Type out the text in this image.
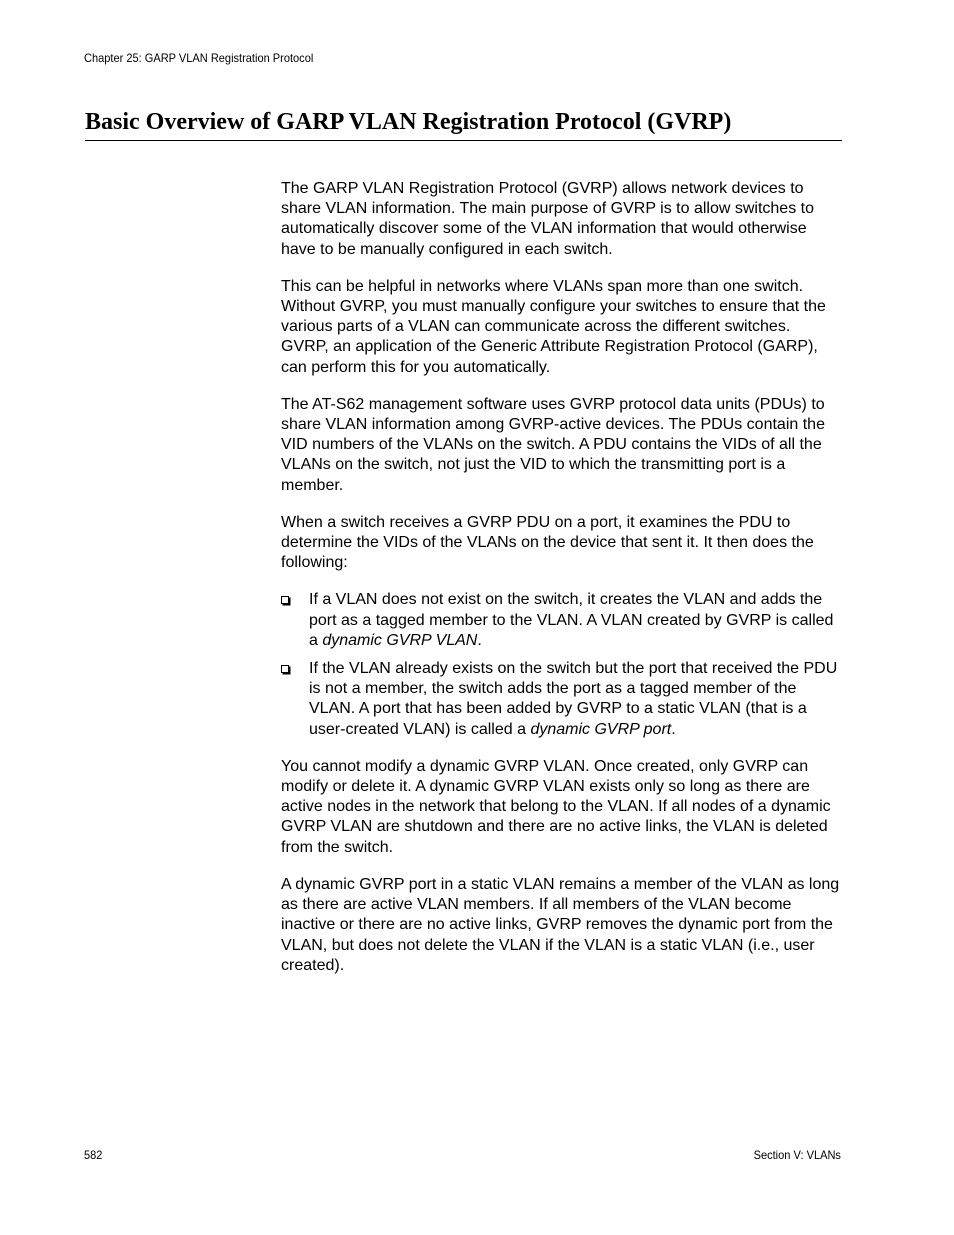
Chapter 25: GARP VLAN Registration Protocol
Basic Overview of GARP VLAN Registration Protocol (GVRP)

The GARP VLAN Registration Protocol (GVRP) allows network devices to share VLAN information. The main purpose of GVRP is to allow switches to automatically discover some of the VLAN information that would otherwise have to be manually configured in each switch.

This can be helpful in networks where VLANs span more than one switch. Without GVRP, you must manually configure your switches to ensure that the various parts of a VLAN can communicate across the different switches. GVRP, an application of the Generic Attribute Registration Protocol (GARP), can perform this for you automatically.

The AT-S62 management software uses GVRP protocol data units (PDUs) to share VLAN information among GVRP-active devices. The PDUs contain the VID numbers of the VLANs on the switch. A PDU contains the VIDs of all the VLANs on the switch, not just the VID to which the transmitting port is a member.

When a switch receives a GVRP PDU on a port, it examines the PDU to determine the VIDs of the VLANs on the device that sent it. It then does the following:

If a VLAN does not exist on the switch, it creates the VLAN and adds the port as a tagged member to the VLAN. A VLAN created by GVRP is called a dynamic GVRP VLAN.
If the VLAN already exists on the switch but the port that received the PDU is not a member, the switch adds the port as a tagged member of the VLAN. A port that has been added by GVRP to a static VLAN (that is a user-created VLAN) is called a dynamic GVRP port.

You cannot modify a dynamic GVRP VLAN. Once created, only GVRP can modify or delete it. A dynamic GVRP VLAN exists only so long as there are active nodes in the network that belong to the VLAN. If all nodes of a dynamic GVRP VLAN are shutdown and there are no active links, the VLAN is deleted from the switch.

A dynamic GVRP port in a static VLAN remains a member of the VLAN as long as there are active VLAN members. If all members of the VLAN become inactive or there are no active links, GVRP removes the dynamic port from the VLAN, but does not delete the VLAN if the VLAN is a static VLAN (i.e., user created).

582	Section V: VLANs
